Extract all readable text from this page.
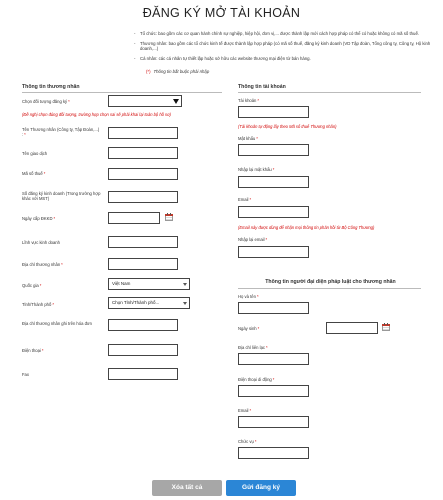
ĐĂNG KÝ MỞ TÀI KHOẢN
- Tổ chức: bao gồm các cơ quan hành chính sự nghiệp, hiệp hội, đơn vị,... được thành lập mới cách hợp pháp có thể có hoặc không có mã số thuế.
- Thương nhân: bao gồm các tổ chức kinh tế được thành lập hợp pháp (có mã số thuế, đăng ký kinh doanh (VD Tập đoàn, Tổng công ty, Công ty, Hộ kinh doanh,...)
- Cá nhân: các cá nhân tự thiết lập hoặc sở hữu các website thương mại điện tử bán hàng.
(*) Thông tin bắt buộc phải nhập
Thông tin thương nhân
Chọn đối tượng đăng ký*
(Đề nghị chọn đúng đối tượng, trường hợp chọn sai sẽ phải khai lại toàn bộ hồ sơ)
Tên Thương nhân (Công ty, Tập Đoàn,...) :*
Tên giao dịch
Mã số thuế*
Số đăng ký kinh doanh (Trong trường hợp khác với MST)
Ngày cấp ĐKKD*
Lĩnh vực kinh doanh
Địa chỉ thương nhân*
Quốc gia*	Việt Nam
Tỉnh/Thành phố*	Chọn Tỉnh/Thành phố...
Địa chỉ thương nhân ghi trên hóa đơn
Điện thoại*
Fax
Thông tin tài khoản
Tài khoản*
(Tài khoản tự động lấy theo Mã số thuế Thương nhân)
Mật khẩu*
Nhập lại mật khẩu*
Email*
(Email này được dùng để nhận mọi thông tin phản hồi từ Bộ Công Thương)
Nhập lại email*
Thông tin người đại diện pháp luật cho thương nhân
Họ và tên*
Ngày sinh*
Địa chỉ liên lạc*
Điện thoại di động*
Email*
Chức vụ*
Xóa tất cả	Gửi đăng ký
